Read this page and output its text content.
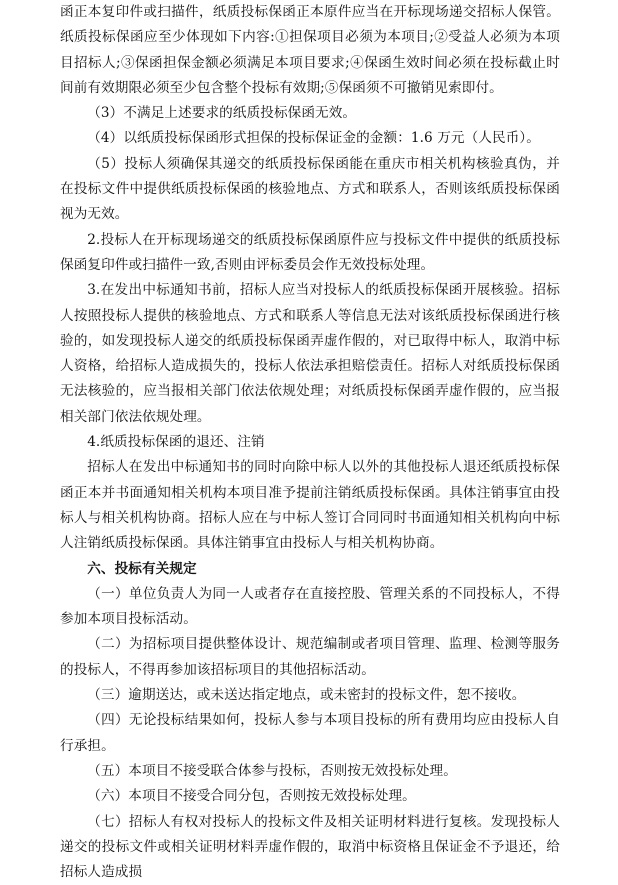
函正本复印件或扫描件，纸质投标保函正本原件应当在开标现场递交招标人保管。纸质投标保函应至少体现如下内容:①担保项目必须为本项目;②受益人必须为本项目招标人;③保函担保金额必须满足本项目要求;④保函生效时间必须在投标截止时间前有效期限必须至少包含整个投标有效期;⑤保函须不可撤销见索即付。

（3）不满足上述要求的纸质投标保函无效。

（4）以纸质投标保函形式担保的投标保证金的金额：1.6 万元（人民币）。

（5）投标人须确保其递交的纸质投标保函能在重庆市相关机构核验真伪，并在投标文件中提供纸质投标保函的核验地点、方式和联系人，否则该纸质投标保函视为无效。

2.投标人在开标现场递交的纸质投标保函原件应与投标文件中提供的纸质投标保函复印件或扫描件一致,否则由评标委员会作无效投标处理。

3.在发出中标通知书前，招标人应当对投标人的纸质投标保函开展核验。招标人按照投标人提供的核验地点、方式和联系人等信息无法对该纸质投标保函进行核验的，如发现投标人递交的纸质投标保函弄虚作假的，对已取得中标人，取消中标人资格，给招标人造成损失的，投标人依法承担赔偿责任。招标人对纸质投标保函无法核验的，应当报相关部门依法依规处理；对纸质投标保函弄虚作假的，应当报相关部门依法依规处理。

4.纸质投标保函的退还、注销

招标人在发出中标通知书的同时向除中标人以外的其他投标人退还纸质投标保函正本并书面通知相关机构本项目准予提前注销纸质投标保函。具体注销事宜由投标人与相关机构协商。招标人应在与中标人签订合同同时书面通知相关机构向中标人注销纸质投标保函。具体注销事宜由投标人与相关机构协商。

六、投标有关规定

（一）单位负责人为同一人或者存在直接控股、管理关系的不同投标人，不得参加本项目投标活动。

（二）为招标项目提供整体设计、规范编制或者项目管理、监理、检测等服务的投标人，不得再参加该招标项目的其他招标活动。

（三）逾期送达，或未送达指定地点，或未密封的投标文件，恕不接收。

（四）无论投标结果如何，投标人参与本项目投标的所有费用均应由投标人自行承担。

（五）本项目不接受联合体参与投标，否则按无效投标处理。

（六）本项目不接受合同分包，否则按无效投标处理。

（七）招标人有权对投标人的投标文件及相关证明材料进行复核。发现投标人递交的投标文件或相关证明材料弄虚作假的，取消中标资格且保证金不予退还，给招标人造成损
